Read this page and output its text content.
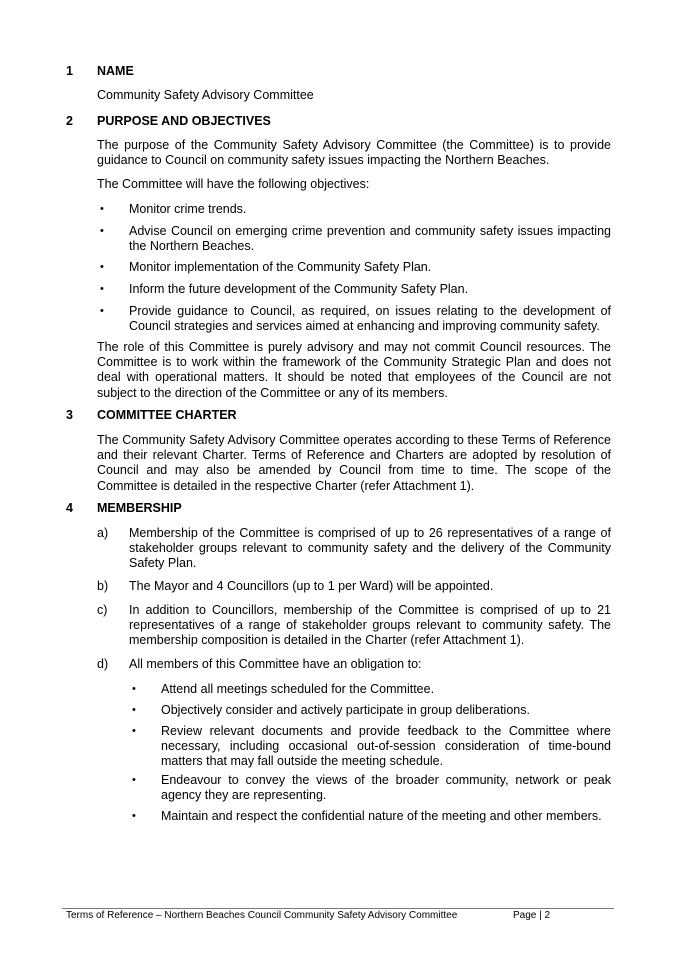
1 NAME
Community Safety Advisory Committee
2 PURPOSE AND OBJECTIVES
The purpose of the Community Safety Advisory Committee (the Committee) is to provide guidance to Council on community safety issues impacting the Northern Beaches.
The Committee will have the following objectives:
• Monitor crime trends.
• Advise Council on emerging crime prevention and community safety issues impacting the Northern Beaches.
• Monitor implementation of the Community Safety Plan.
• Inform the future development of the Community Safety Plan.
• Provide guidance to Council, as required, on issues relating to the development of Council strategies and services aimed at enhancing and improving community safety.
The role of this Committee is purely advisory and may not commit Council resources. The Committee is to work within the framework of the Community Strategic Plan and does not deal with operational matters. It should be noted that employees of the Council are not subject to the direction of the Committee or any of its members.
3 COMMITTEE CHARTER
The Community Safety Advisory Committee operates according to these Terms of Reference and their relevant Charter. Terms of Reference and Charters are adopted by resolution of Council and may also be amended by Council from time to time. The scope of the Committee is detailed in the respective Charter (refer Attachment 1).
4 MEMBERSHIP
a) Membership of the Committee is comprised of up to 26 representatives of a range of stakeholder groups relevant to community safety and the delivery of the Community Safety Plan.
b) The Mayor and 4 Councillors (up to 1 per Ward) will be appointed.
c) In addition to Councillors, membership of the Committee is comprised of up to 21 representatives of a range of stakeholder groups relevant to community safety. The membership composition is detailed in the Charter (refer Attachment 1).
d) All members of this Committee have an obligation to:
• Attend all meetings scheduled for the Committee.
• Objectively consider and actively participate in group deliberations.
• Review relevant documents and provide feedback to the Committee where necessary, including occasional out-of-session consideration of time-bound matters that may fall outside the meeting schedule.
• Endeavour to convey the views of the broader community, network or peak agency they are representing.
• Maintain and respect the confidential nature of the meeting and other members.
Terms of Reference – Northern Beaches Council Community Safety Advisory Committee	Page | 2
